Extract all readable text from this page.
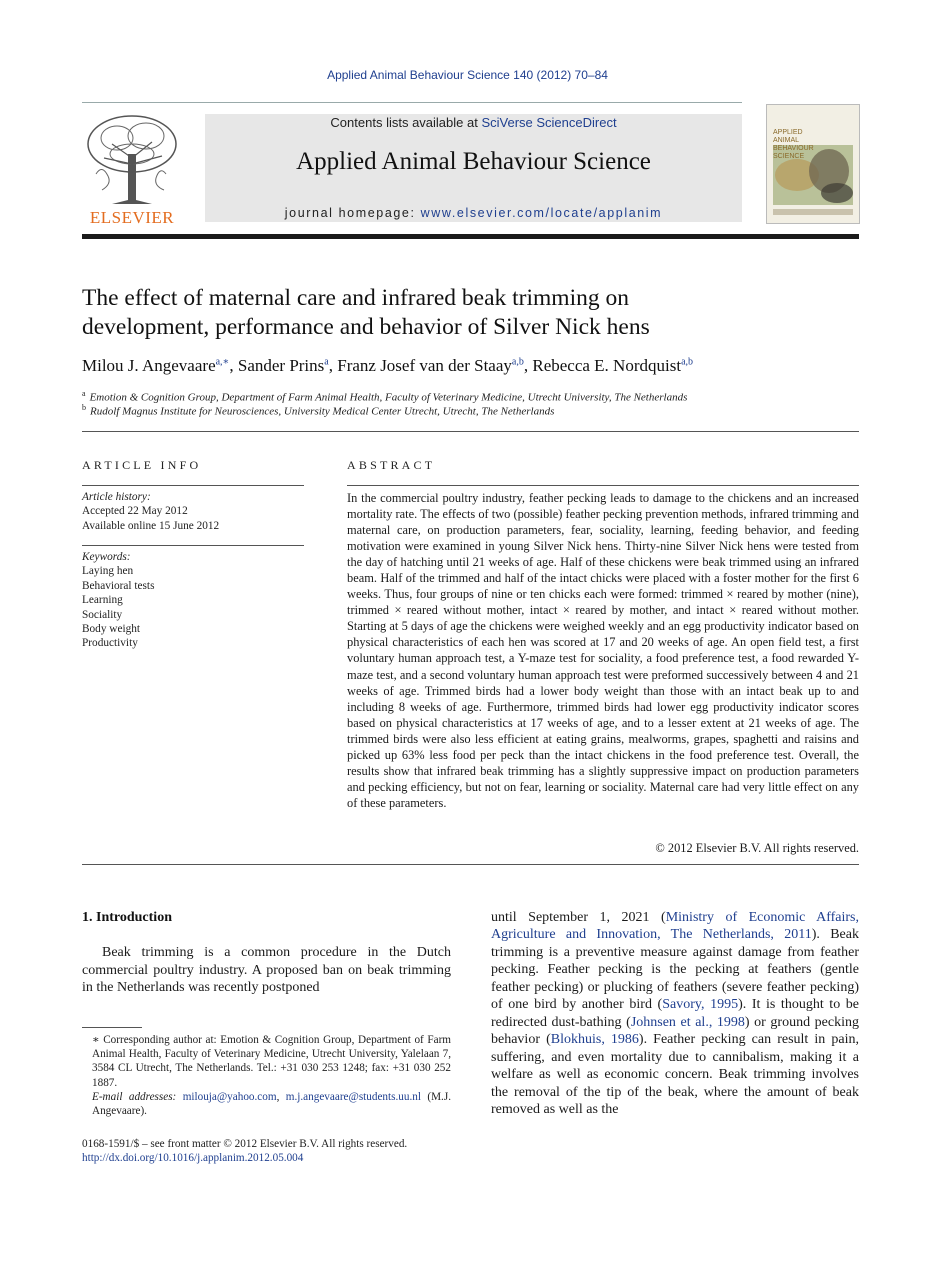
Applied Animal Behaviour Science 140 (2012) 70–84
ELSEVIER
Contents lists available at SciVerse ScienceDirect
Applied Animal Behaviour Science
journal homepage: www.elsevier.com/locate/applanim
APPLIED ANIMAL BEHAVIOUR SCIENCE
The effect of maternal care and infrared beak trimming on
development, performance and behavior of Silver Nick hens
Milou J. Angevaare$^{a,∗}$, Sander Prins$^a$, Franz Josef van der Staay$^{a,b}$, Rebecca E. Nordquist$^{a,b}$
$^a$ Emotion & Cognition Group, Department of Farm Animal Health, Faculty of Veterinary Medicine, Utrecht University, The Netherlands
$^b$ Rudolf Magnus Institute for Neurosciences, University Medical Center Utrecht, Utrecht, The Netherlands
ARTICLE INFO
Article history:
Accepted 22 May 2012
Available online 15 June 2012
Keywords:
Laying hen
Behavioral tests
Learning
Sociality
Body weight
Productivity
ABSTRACT
In the commercial poultry industry, feather pecking leads to damage to the chickens and an increased mortality rate. The effects of two (possible) feather pecking prevention methods, infrared trimming and maternal care, on production parameters, fear, sociality, learning, feeding behavior, and feeding motivation were examined in young Silver Nick hens. Thirty-nine Silver Nick hens were tested from the day of hatching until 21 weeks of age. Half of these chickens were beak trimmed using an infrared beam. Half of the trimmed and half of the intact chicks were placed with a foster mother for the first 6 weeks. Thus, four groups of nine or ten chicks each were formed: trimmed × reared by mother (nine), trimmed × reared without mother, intact × reared by mother, and intact × reared without mother. Starting at 5 days of age the chickens were weighed weekly and an egg productivity indicator based on physical characteristics of each hen was scored at 17 and 20 weeks of age. An open field test, a first voluntary human approach test, a Y-maze test for sociality, a food preference test, a food rewarded Y-maze test, and a second voluntary human approach test were preformed successively between 4 and 21 weeks of age. Trimmed birds had a lower body weight than those with an intact beak up to and including 8 weeks of age. Furthermore, trimmed birds had lower egg productivity indicator scores based on physical characteristics at 17 weeks of age, and to a lesser extent at 21 weeks of age. The trimmed birds were also less efficient at eating grains, mealworms, grapes, spaghetti and raisins and picked up 63% less food per peck than the intact chickens in the food preference test. Overall, the results show that infrared beak trimming has a slightly suppressive impact on production parameters and pecking efficiency, but not on fear, learning or sociality. Maternal care had very little effect on any of these parameters.
© 2012 Elsevier B.V. All rights reserved.
1. Introduction
Beak trimming is a common procedure in the Dutch commercial poultry industry. A proposed ban on beak trimming in the Netherlands was recently postponed
until September 1, 2021 (Ministry of Economic Affairs, Agriculture and Innovation, The Netherlands, 2011). Beak trimming is a preventive measure against damage from feather pecking. Feather pecking is the pecking at feathers (gentle feather pecking) or plucking of feathers (severe feather pecking) of one bird by another bird (Savory, 1995). It is thought to be redirected dust-bathing (Johnsen et al., 1998) or ground pecking behavior (Blokhuis, 1986). Feather pecking can result in pain, suffering, and even mortality due to cannibalism, making it a welfare as well as economic concern. Beak trimming involves the removal of the tip of the beak, where the amount of beak removed as well as the
∗ Corresponding author at: Emotion & Cognition Group, Department of Farm Animal Health, Faculty of Veterinary Medicine, Utrecht University, Yalelaan 7, 3584 CL Utrecht, The Netherlands. Tel.: +31 030 253 1248; fax: +31 030 252 1887.
E-mail addresses: milouja@yahoo.com, m.j.angevaare@students.uu.nl (M.J. Angevaare).
0168-1591/$ – see front matter © 2012 Elsevier B.V. All rights reserved.
http://dx.doi.org/10.1016/j.applanim.2012.05.004
